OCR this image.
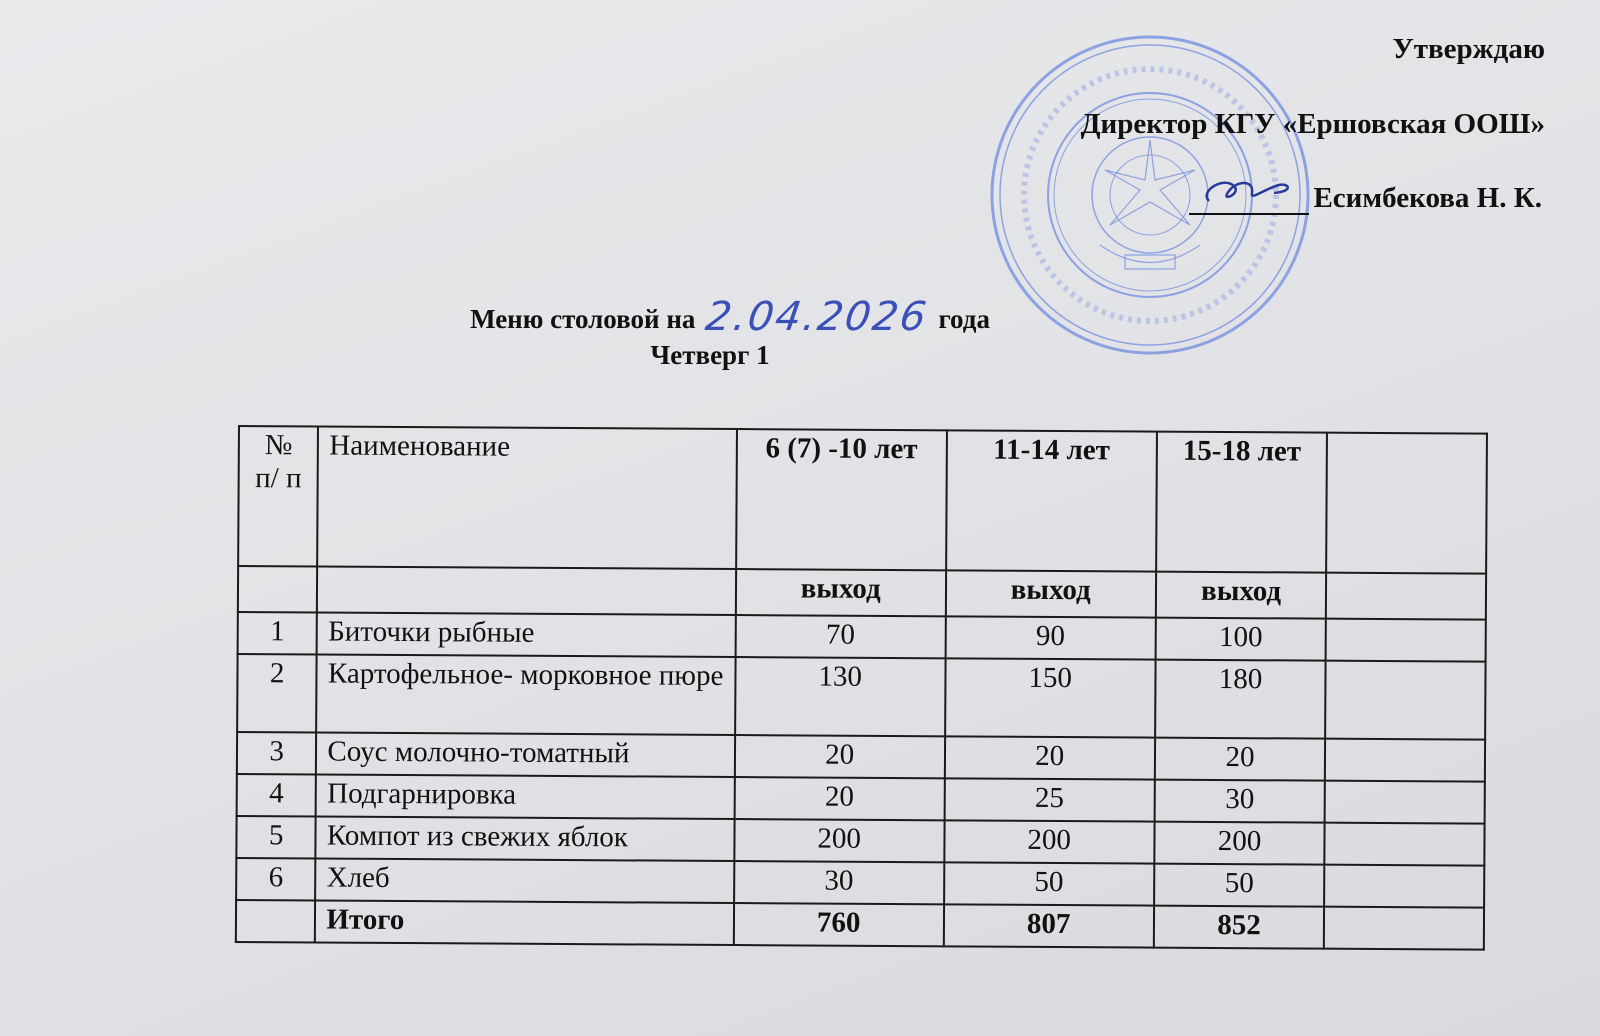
Утверждаю
Директор КГУ «Ершовская ООШ»
Есимбекова Н. К.
Меню столовой на 2.04.2026 года
Четверг 1
№ п/ п	Наименование	6 (7) -10 лет	11-14 лет	15-18 лет	
		выход	выход	выход	
1	Биточки рыбные	70	90	100	
2	Картофельное- морковное пюре	130	150	180	
3	Соус молочно-томатный	20	20	20	
4	Подгарнировка	20	25	30	
5	Компот из свежих яблок	200	200	200	
6	Хлеб	30	50	50	
	Итого	760	807	852	
